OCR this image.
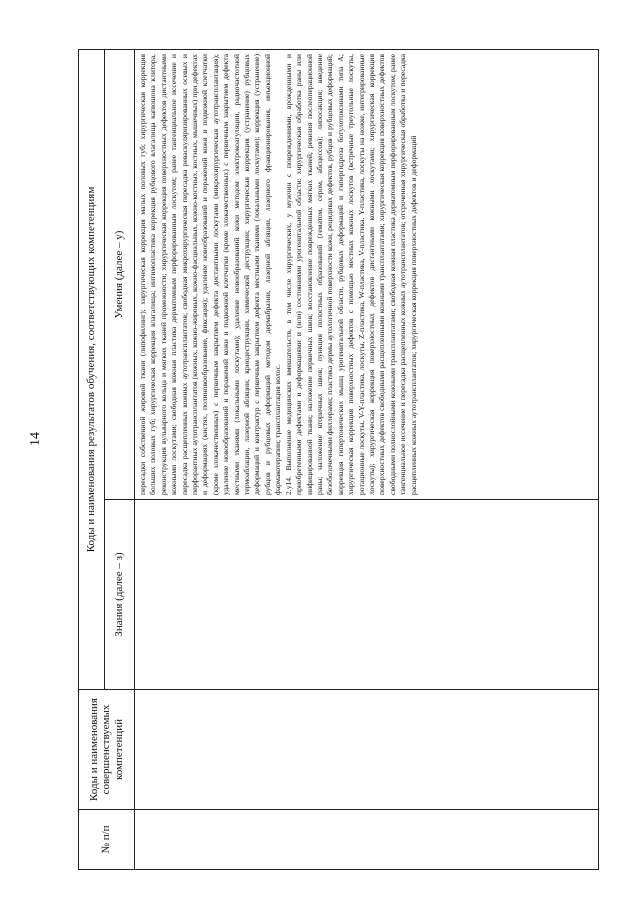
14
№ п/п	Коды и наименования совершенствуемых компетенций	Коды и наименования результатов обучения, соответствующих компетенциям	
		Знания (далее – з)	Умения (далее – у)

			пересадки собственной жировой ткани (липофилинг); хирургическая коррекция малых половых губ; хирургическая коррекция больших половых губ; хирургическая коррекция влагалища; интимопластика коррекция рубцового влагалища капюшона клитора, реконструкция вульварного кольца и мягких тканей промежности; хирургическая коррекция поверхностных дефектов дистантными кожными лоскутами; свободная кожная пластика дерматомным перфорированным лоскутом; ранее тангенциальное иссечение и пересадка расщепленных кожных аутотрансплантатов; свободная микрохирургическая пересадка реваскуляризированных осевых и перфорантных аутотрансплантатов (кожных, кожно-жировых, кожно-фасциальных, кожно-костных, костных, мышечных) при дефектах и деформациях (кистях, полиновообразование, фиксация); удаление новообразований и поражений кожи и подкожной клетчатки (кроме злокачественных) с первичным закрытием дефекта дистантными лоскутами (микрохирургическая аутотрансплантация); удаление новообразований и поражений кожи и подкожной клетчатки (кроме злокачественных) с первичным закрытием дефекта местными тканями (локальными лоскутами); удаление новообразований кожи методом электрокоагуляции, радиочастотной термоаблации, лазерной абляции, криодеструкции, химической деструкции; хирургическая коррекция (устранение) рубцовых деформаций и контрактур с первичным закрытием дефекта местными тканями (локальными лоскутами); коррекция (устранение) рубцов и рубцовых деформаций методом дермабразии, лазерной абляции, лазерного фракционирования, инъекционной фармакотерапии; трансплантация волос. 2.у14. Выполнение медицинских вмешательств, в том числе хирургических, у мужчин с повреждениями, врожденными и приобретенными дефектами и деформациями и (или) состояниями урогенитальной области: хирургическая обработка раны или инфицированной ткани; наложение первичных швов; восстановление поврежденных мягких тканей; ревизия послеоперационной раны; наложение вторичных швов; пункция полостных образований (гематом, сером, абсцессов); липосакция; введение безоболочечными филлерами; пластика дермы аутологичной поверхности кожи, рецидивах дефектов, рубцов и рубцовых деформаций; коррекция гипертонических мышц урогенитальной области, рубцовых деформаций и гипергидроза ботулотоксинами типа А; хирургическая коррекция поверхностных дефектов с помощью местных кожных лоскутов (встречные треугольные лоскуты, ротационные лоскуты, V-Y-пластика, лоскуты, Z-пластика, W-пластика, V-пластика, Y-пластика, лоскуты на ножке, интегрированные лоскуты); хирургическая коррекция поверхностных дефектов дистантными кожными лоскутами; хирургическая коррекция поверхностных дефектов свободными расщепленными кожными трансплантатами; хирургическая коррекция поверхностных дефектов свободными полнослойными кожными трансплантатами; свободная кожная пластика дерматомным перфорированным лоскутом; ранее тангенциальное иссечение и пересадка расщепленных кожных аутотрансплантатов; отсроченная хирургическая обработка и пересадка расщепленных кожных аутотрансплантатов; хирургическая коррекция поверхностных дефектов и деформаций
